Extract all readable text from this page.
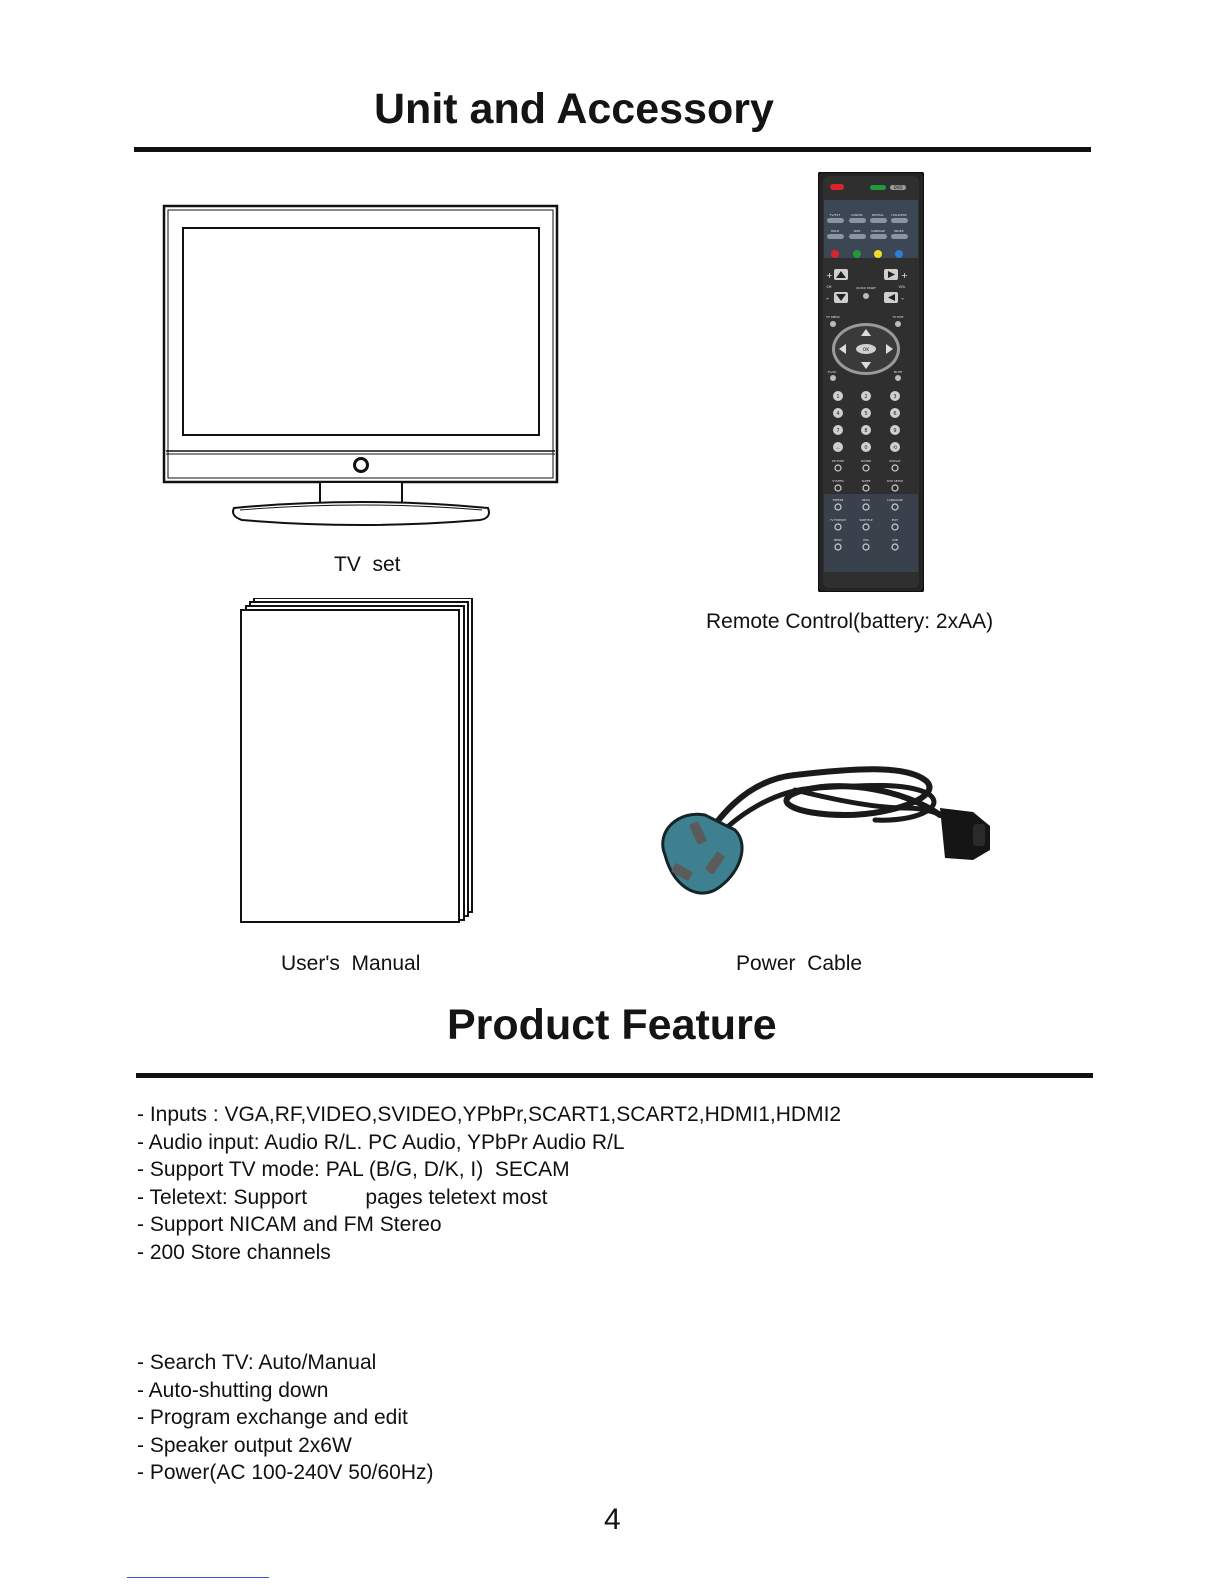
Unit and Accessory
TV  set
DVD
TV/TXT	CANCEL	REVEAL	HOLD/MIX
HOLD	SIZE	SUBPAGE	INDEX
+	+
-	-
CH	VOL
QUICK START
TV MENU	TV EXIT
TV/AV	MUTE
OK
1	2	3
4	5	6
7	8	9
-/--	0	⟲
PICTURE	SOUND	DISPLAY
SYSTEM	SLEEP	DVD SETUP
FREEZE	PROG	LANGUAGE
TV FORMAT	SUBTITLE	EDIT
MENU	EPG	USB
Remote Control(battery: 2xAA)
User's  Manual	Power  Cable
Product Feature
- Inputs : VGA,RF,VIDEO,SVIDEO,YPbPr,SCART1,SCART2,HDMI1,HDMI2
- Audio input: Audio R/L. PC Audio, YPbPr Audio R/L
- Support TV mode: PAL (B/G, D/K, I)  SECAM
- Teletext: Support          pages teletext most
- Support NICAM and FM Stereo
- 200 Store channels
- Search TV: Auto/Manual
- Auto-shutting down
- Program exchange and edit
- Speaker output 2x6W
- Power(AC 100-240V 50/60Hz)
4
